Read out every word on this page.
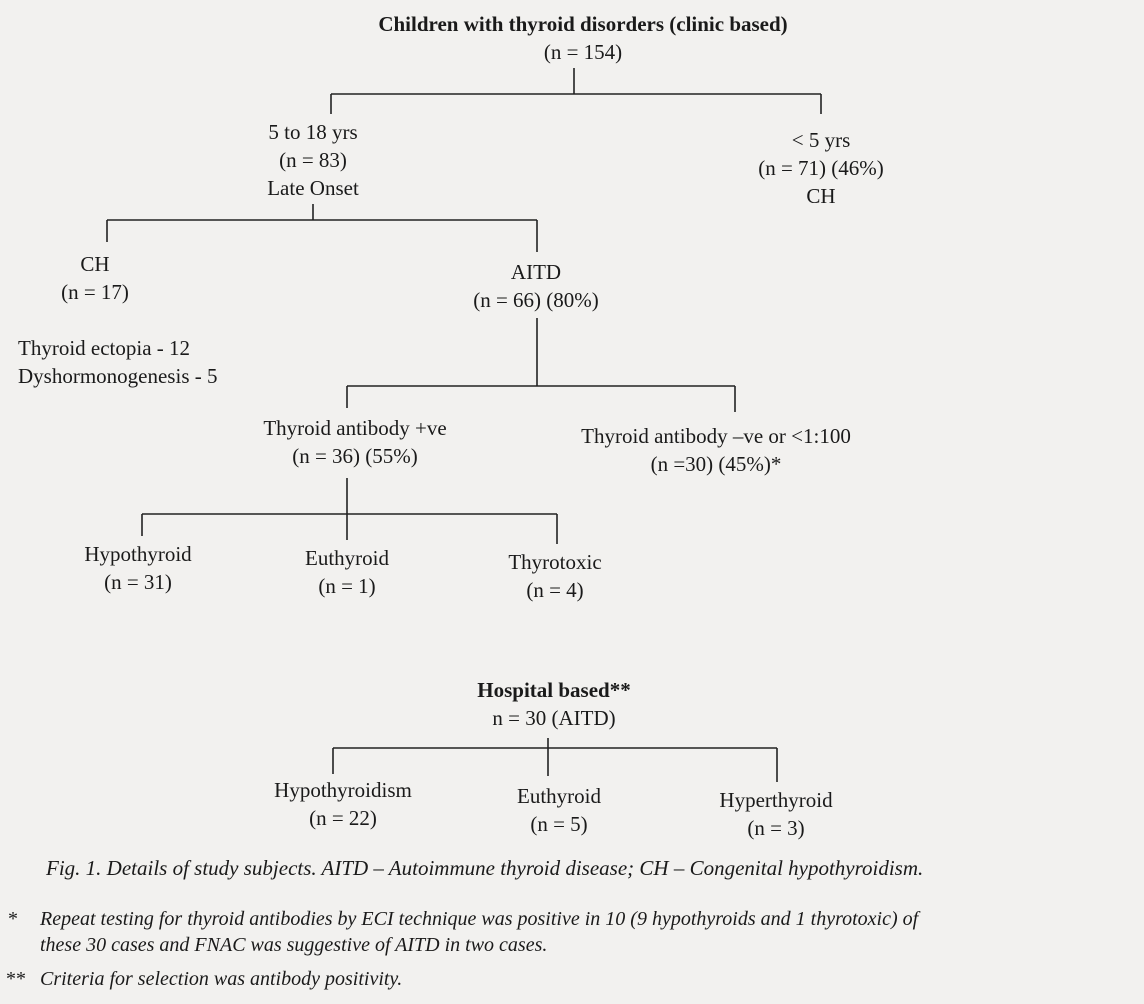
Children with thyroid disorders (clinic based)
(n = 154)
5 to 18 yrs
(n = 83)
Late Onset
< 5 yrs
(n = 71) (46%)
CH
CH
(n = 17)
Thyroid ectopia - 12
Dyshormonogenesis - 5
AITD
(n = 66) (80%)
Thyroid antibody +ve
(n = 36) (55%)
Thyroid antibody –ve or <1:100
(n =30) (45%)*
Hypothyroid
(n = 31)
Euthyroid
(n = 1)
Thyrotoxic
(n = 4)
Hospital based**
n = 30 (AITD)
Hypothyroidism
(n = 22)
Euthyroid
(n = 5)
Hyperthyroid
(n = 3)
Fig. 1. Details of study subjects. AITD – Autoimmune thyroid disease; CH – Congenital hypothyroidism.
* Repeat testing for thyroid antibodies by ECI technique was positive in 10 (9 hypothyroids and 1 thyrotoxic) of
these 30 cases and FNAC was suggestive of AITD in two cases.
** Criteria for selection was antibody positivity.
